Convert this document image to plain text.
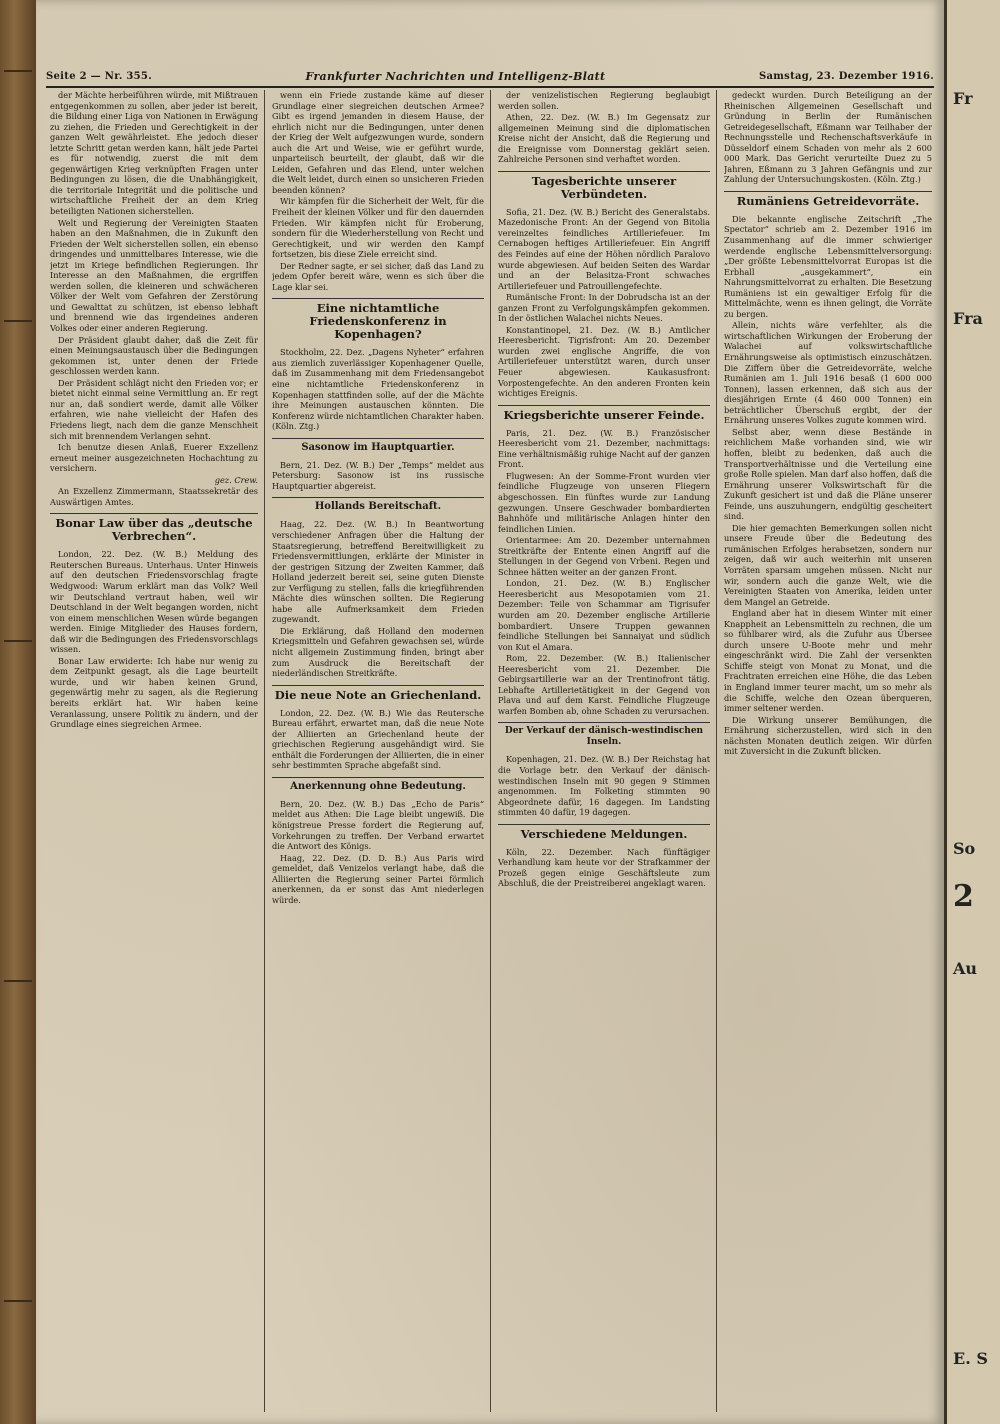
Seite 2 — Nr. 355.	Frankfurter Nachrichten und Intelligenz-Blatt	Samstag, 23. Dezember 1916.

der Mächte herbeiführen würde, mit Mißtrauen entgegenkommen zu sollen, aber jeder ist bereit, die Bildung einer Liga von Nationen in Erwägung zu ziehen, die Frieden und Gerechtigkeit in der ganzen Welt gewährleistet. Ehe jedoch dieser letzte Schritt getan werden kann, hält jede Partei es für notwendig, zuerst die mit dem gegenwärtigen Krieg verknüpften Fragen unter Bedingungen zu lösen, die die Unabhängigkeit, die territoriale Integrität und die politische und wirtschaftliche Freiheit der an dem Krieg beteiligten Nationen sicherstellen.

Welt und Regierung der Vereinigten Staaten haben an den Maßnahmen, die in Zukunft den Frieden der Welt sicherstellen sollen, ein ebenso dringendes und unmittelbares Interesse, wie die jetzt im Kriege befindlichen Regierungen. Ihr Interesse an den Maßnahmen, die ergriffen werden sollen, die kleineren und schwächeren Völker der Welt vom Gefahren der Zerstörung und Gewalttat zu schützen, ist ebenso lebhaft und brennend wie das irgendeines anderen Volkes oder einer anderen Regierung.

Der Präsident glaubt daher, daß die Zeit für einen Meinungsaustausch über die Bedingungen gekommen ist, unter denen der Friede geschlossen werden kann.

Der Präsident schlägt nicht den Frieden vor; er bietet nicht einmal seine Vermittlung an. Er regt nur an, daß sondiert werde, damit alle Völker erfahren, wie nahe vielleicht der Hafen des Friedens liegt, nach dem die ganze Menschheit sich mit brennendem Verlangen sehnt.

Ich benutze diesen Anlaß, Euerer Exzellenz erneut meiner ausgezeichneten Hochachtung zu versichern.

gez. Crew.

An Exzellenz Zimmermann, Staatssekretär des Auswärtigen Amtes.

Bonar Law über das „deutsche Verbrechen“.

London, 22. Dez. (W. B.) Meldung des Reuterschen Bureaus. Unterhaus. Unter Hinweis auf den deutschen Friedensvorschlag fragte Wedgwood: Warum erklärt man das Volk? Weil wir Deutschland vertraut haben, weil wir Deutschland in der Welt begangen worden, nicht von einem menschlichen Wesen würde begangen werden. Einige Mitglieder des Hauses fordern, daß wir die Bedingungen des Friedensvorschlags wissen.

Bonar Law erwiderte: Ich habe nur wenig zu dem Zeitpunkt gesagt, als die Lage beurteilt wurde, und wir haben keinen Grund, gegenwärtig mehr zu sagen, als die Regierung bereits erklärt hat. Wir haben keine Veranlassung, unsere Politik zu ändern, und der Grundlage eines siegreichen Armee.

wenn ein Friede zustande käme auf dieser Grundlage einer siegreichen deutschen Armee? Gibt es irgend jemanden in diesem Hause, der ehrlich nicht nur die Bedingungen, unter denen der Krieg der Welt aufgezwungen wurde, sondern auch die Art und Weise, wie er geführt wurde, unparteiisch beurteilt, der glaubt, daß wir die Leiden, Gefahren und das Elend, unter welchen die Welt leidet, durch einen so unsicheren Frieden beenden können?

Wir kämpfen für die Sicherheit der Welt, für die Freiheit der kleinen Völker und für den dauernden Frieden. Wir kämpfen nicht für Eroberung, sondern für die Wiederherstellung von Recht und Gerechtigkeit, und wir werden den Kampf fortsetzen, bis diese Ziele erreicht sind.

Der Redner sagte, er sei sicher, daß das Land zu jedem Opfer bereit wäre, wenn es sich über die Lage klar sei.

Eine nichtamtliche Friedenskonferenz in Kopenhagen?

Stockholm, 22. Dez. „Dagens Nyheter“ erfahren aus ziemlich zuverlässiger Kopenhagener Quelle, daß im Zusammenhang mit dem Friedensangebot eine nichtamtliche Friedenskonferenz in Kopenhagen stattfinden solle, auf der die Mächte ihre Meinungen austauschen könnten. Die Konferenz würde nichtamtlichen Charakter haben. (Köln. Ztg.)

Sasonow im Hauptquartier.

Bern, 21. Dez. (W. B.) Der „Temps“ meldet aus Petersburg: Sasonow ist ins russische Hauptquartier abgereist.

Hollands Bereitschaft.

Haag, 22. Dez. (W. B.) In Beantwortung verschiedener Anfragen über die Haltung der Staatsregierung, betreffend Bereitwilligkeit zu Friedensvermittlungen, erklärte der Minister in der gestrigen Sitzung der Zweiten Kammer, daß Holland jederzeit bereit sei, seine guten Dienste zur Verfügung zu stellen, falls die kriegführenden Mächte dies wünschen sollten. Die Regierung habe alle Aufmerksamkeit dem Frieden zugewandt.

Die Erklärung, daß Holland den modernen Kriegsmitteln und Gefahren gewachsen sei, würde nicht allgemein Zustimmung finden, bringt aber zum Ausdruck die Bereitschaft der niederländischen Streitkräfte.

Die neue Note an Griechenland.

London, 22. Dez. (W. B.) Wie das Reutersche Bureau erfährt, erwartet man, daß die neue Note der Alliierten an Griechenland heute der griechischen Regierung ausgehändigt wird. Sie enthält die Forderungen der Alliierten, die in einer sehr bestimmten Sprache abgefaßt sind.

Anerkennung ohne Bedeutung.

Bern, 20. Dez. (W. B.) Das „Echo de Paris“ meldet aus Athen: Die Lage bleibt ungewiß. Die königstreue Presse fordert die Regierung auf, Vorkehrungen zu treffen. Der Verband erwartet die Antwort des Königs.

Haag, 22. Dez. (D. D. B.) Aus Paris wird gemeldet, daß Venizelos verlangt habe, daß die Alliierten die Regierung seiner Partei förmlich anerkennen, da er sonst das Amt niederlegen würde.

der venizelistischen Regierung beglaubigt werden sollen.

Athen, 22. Dez. (W. B.) Im Gegensatz zur allgemeinen Meinung sind die diplomatischen Kreise nicht der Ansicht, daß die Regierung und die Ereignisse vom Donnerstag geklärt seien. Zahlreiche Personen sind verhaftet worden.

Tagesberichte unserer Verbündeten.

Sofia, 21. Dez. (W. B.) Bericht des Generalstabs. Mazedonische Front: An der Gegend von Bitolia vereinzeltes feindliches Artilleriefeuer. Im Cernabogen heftiges Artilleriefeuer. Ein Angriff des Feindes auf eine der Höhen nördlich Paralovo wurde abgewiesen. Auf beiden Seiten des Wardar und an der Belasitza-Front schwaches Artilleriefeuer und Patrouillengefechte.

Rumänische Front: In der Dobrudscha ist an der ganzen Front zu Verfolgungskämpfen gekommen. In der östlichen Walachei nichts Neues.

Konstantinopel, 21. Dez. (W. B.) Amtlicher Heeresbericht. Tigrisfront: Am 20. Dezember wurden zwei englische Angriffe, die von Artilleriefeuer unterstützt waren, durch unser Feuer abgewiesen. Kaukasusfront: Vorpostengefechte. An den anderen Fronten kein wichtiges Ereignis.

Kriegsberichte unserer Feinde.

Paris, 21. Dez. (W. B.) Französischer Heeresbericht vom 21. Dezember, nachmittags: Eine verhältnismäßig ruhige Nacht auf der ganzen Front.

Flugwesen: An der Somme-Front wurden vier feindliche Flugzeuge von unseren Fliegern abgeschossen. Ein fünftes wurde zur Landung gezwungen. Unsere Geschwader bombardierten Bahnhöfe und militärische Anlagen hinter den feindlichen Linien.

Orientarmee: Am 20. Dezember unternahmen Streitkräfte der Entente einen Angriff auf die Stellungen in der Gegend von Vrbeni. Regen und Schnee hätten weiter an der ganzen Front.

London, 21. Dez. (W. B.) Englischer Heeresbericht aus Mesopotamien vom 21. Dezember: Teile von Schammar am Tigrisufer wurden am 20. Dezember englische Artillerie bombardiert. Unsere Truppen gewannen feindliche Stellungen bei Sannaiyat und südlich von Kut el Amara.

Rom, 22. Dezember. (W. B.) Italienischer Heeresbericht vom 21. Dezember. Die Gebirgsartillerie war an der Trentinofront tätig. Lebhafte Artillerietätigkeit in der Gegend von Plava und auf dem Karst. Feindliche Flugzeuge warfen Bomben ab, ohne Schaden zu verursachen.

Der Verkauf der dänisch-westindischen Inseln.

Kopenhagen, 21. Dez. (W. B.) Der Reichstag hat die Vorlage betr. den Verkauf der dänisch-westindischen Inseln mit 90 gegen 9 Stimmen angenommen. Im Folketing stimmten 90 Abgeordnete dafür, 16 dagegen. Im Landsting stimmten 40 dafür, 19 dagegen.

Verschiedene Meldungen.

Köln, 22. Dezember. Nach fünftägiger Verhandlung kam heute vor der Strafkammer der Prozeß gegen einige Geschäftsleute zum Abschluß, die der Preistreiberei angeklagt waren.

gedeckt wurden. Durch Beteiligung an der Rheinischen Allgemeinen Gesellschaft und Gründung in Berlin der Rumänischen Getreidegesellschaft, Eßmann war Teilhaber der Rechnungsstelle und Rechenschaftsverkäufe in Düsseldorf einem Schaden von mehr als 2 600 000 Mark. Das Gericht verurteilte Duez zu 5 Jahren, Eßmann zu 3 Jahren Gefängnis und zur Zahlung der Untersuchungskosten. (Köln. Ztg.)

Rumäniens Getreidevorräte.

Die bekannte englische Zeitschrift „The Spectator“ schrieb am 2. Dezember 1916 im Zusammenhang auf die immer schwieriger werdende englische Lebensmittelversorgung: „Der größte Lebensmittelvorrat Europas ist die Erbhall „ausgekammert“, ein Nahrungsmittelvorrat zu erhalten. Die Besetzung Rumäniens ist ein gewaltiger Erfolg für die Mittelmächte, wenn es ihnen gelingt, die Vorräte zu bergen.

Allein, nichts wäre verfehlter, als die wirtschaftlichen Wirkungen der Eroberung der Walachei auf volkswirtschaftliche Ernährungsweise als optimistisch einzuschätzen. Die Ziffern über die Getreidevorräte, welche Rumänien am 1. Juli 1916 besaß (1 600 000 Tonnen), lassen erkennen, daß sich aus der diesjährigen Ernte (4 460 000 Tonnen) ein beträchtlicher Überschuß ergibt, der der Ernährung unseres Volkes zugute kommen wird.

Selbst aber, wenn diese Bestände in reichlichem Maße vorhanden sind, wie wir hoffen, bleibt zu bedenken, daß auch die Transportverhältnisse und die Verteilung eine große Rolle spielen. Man darf also hoffen, daß die Ernährung unserer Volkswirtschaft für die Zukunft gesichert ist und daß die Pläne unserer Feinde, uns auszuhungern, endgültig gescheitert sind.

Die hier gemachten Bemerkungen sollen nicht unsere Freude über die Bedeutung des rumänischen Erfolges herabsetzen, sondern nur zeigen, daß wir auch weiterhin mit unseren Vorräten sparsam umgehen müssen. Nicht nur wir, sondern auch die ganze Welt, wie die Vereinigten Staaten von Amerika, leiden unter dem Mangel an Getreide.

England aber hat in diesem Winter mit einer Knappheit an Lebensmitteln zu rechnen, die um so fühlbarer wird, als die Zufuhr aus Übersee durch unsere U-Boote mehr und mehr eingeschränkt wird. Die Zahl der versenkten Schiffe steigt von Monat zu Monat, und die Frachtraten erreichen eine Höhe, die das Leben in England immer teurer macht, um so mehr als die Schiffe, welche den Ozean überqueren, immer seltener werden.

Die Wirkung unserer Bemühungen, die Ernährung sicherzustellen, wird sich in den nächsten Monaten deutlich zeigen. Wir dürfen mit Zuversicht in die Zukunft blicken.

Fr
Fra
So
2
Au
E. S
